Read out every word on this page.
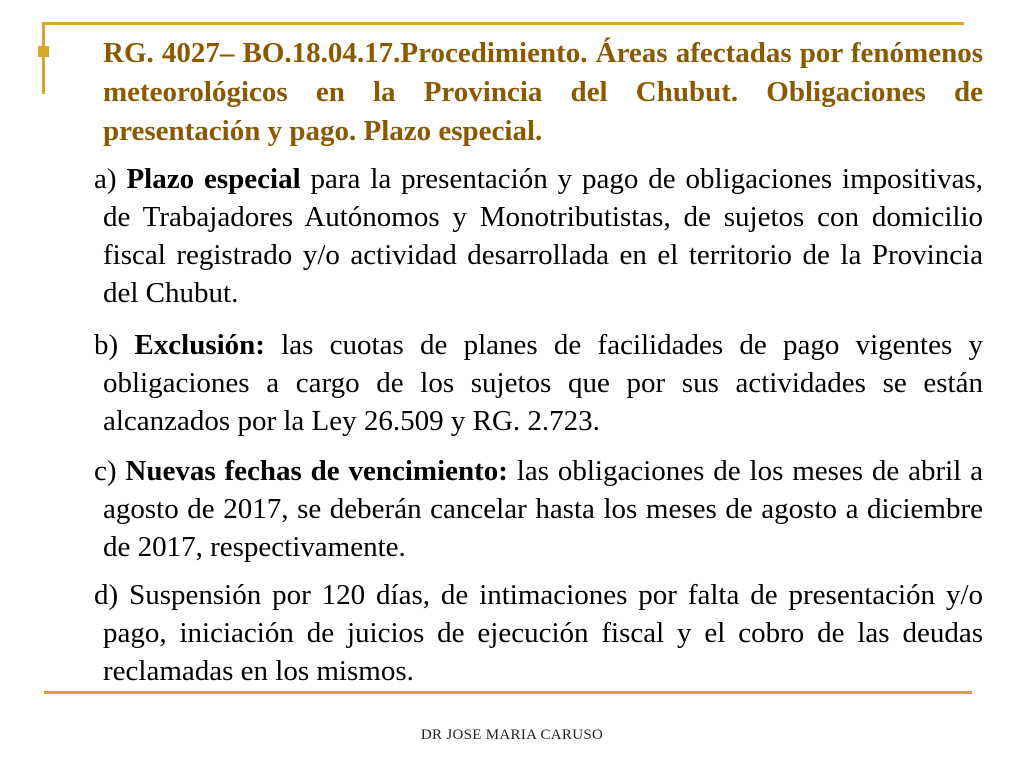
RG. 4027– BO.18.04.17.Procedimiento. Áreas afectadas por fenómenos meteorológicos en la Provincia del Chubut. Obligaciones de presentación y pago. Plazo especial.

a) Plazo especial para la presentación y pago de obligaciones impositivas, de Trabajadores Autónomos y Monotributistas, de sujetos con domicilio fiscal registrado y/o actividad desarrollada en el territorio de la Provincia del Chubut.

b) Exclusión: las cuotas de planes de facilidades de pago vigentes y obligaciones a cargo de los sujetos que por sus actividades se están alcanzados por la Ley 26.509 y RG. 2.723.

c) Nuevas fechas de vencimiento: las obligaciones de los meses de abril a agosto de 2017, se deberán cancelar hasta los meses de agosto a diciembre de 2017, respectivamente.

d) Suspensión por 120 días, de intimaciones por falta de presentación y/o pago, iniciación de juicios de ejecución fiscal y el cobro de las deudas reclamadas en los mismos.

DR JOSE MARIA CARUSO
